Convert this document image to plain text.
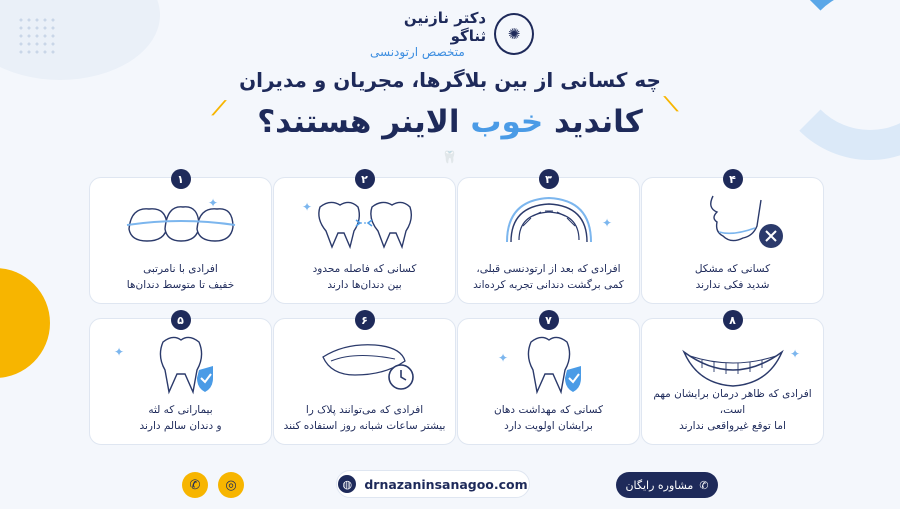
✺
دکتر نازنین ثناگو
متخصص ارتودنسی
چه کسانی از بین بلاگرها، مجریان و مدیران
کاندید خوب الاینر هستند؟
⟋	⟍
🦷
۱
✦
افرادی با نامرتبی
خفیف تا متوسط دندان‌ها
۲
✦
کسانی که فاصله محدود
بین دندان‌ها دارند
۳
✦
افرادی که بعد از ارتودنسی قبلی،
کمی برگشت دندانی تجربه کرده‌اند
۴
کسانی که مشکل
شدید فکی ندارند
۵
✦
بیمارانی که لثه
و دندان سالم دارند
۶
افرادی که می‌توانند پلاک را
بیشتر ساعات شبانه روز استفاده کنند
۷
✦
کسانی که مهداشت دهان
برایشان اولویت دارد
۸
✦
افرادی که ظاهر درمان برایشان مهم است،
اما توقع غیرواقعی ندارند
✆
مشاوره رایگان
◍ drnazaninsanagoo.com
◎
✆
